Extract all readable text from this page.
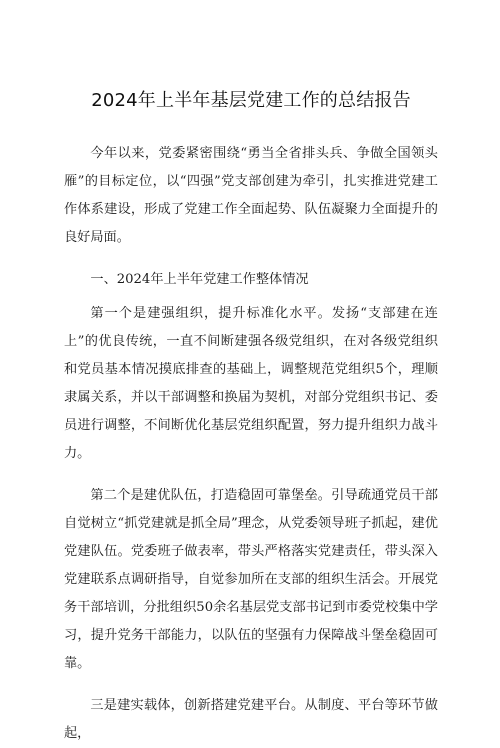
2024年上半年基层党建工作的总结报告

今年以来，党委紧密围绕“勇当全省排头兵、争做全国领头雁”的目标定位，以“四强”党支部创建为牵引，扎实推进党建工作体系建设，形成了党建工作全面起势、队伍凝聚力全面提升的良好局面。

一、2024年上半年党建工作整体情况

第一个是建强组织，提升标准化水平。发扬“支部建在连上”的优良传统，一直不间断建强各级党组织，在对各级党组织和党员基本情况摸底排查的基础上，调整规范党组织5个，理顺隶属关系，并以干部调整和换届为契机，对部分党组织书记、委员进行调整，不间断优化基层党组织配置，努力提升组织力战斗力。

第二个是建优队伍，打造稳固可靠堡垒。引导疏通党员干部自觉树立“抓党建就是抓全局”理念，从党委领导班子抓起，建优党建队伍。党委班子做表率，带头严格落实党建责任，带头深入党建联系点调研指导，自觉参加所在支部的组织生活会。开展党务干部培训，分批组织50余名基层党支部书记到市委党校集中学习，提升党务干部能力，以队伍的坚强有力保障战斗堡垒稳固可靠。

三是建实载体，创新搭建党建平台。从制度、平台等环节做起，
